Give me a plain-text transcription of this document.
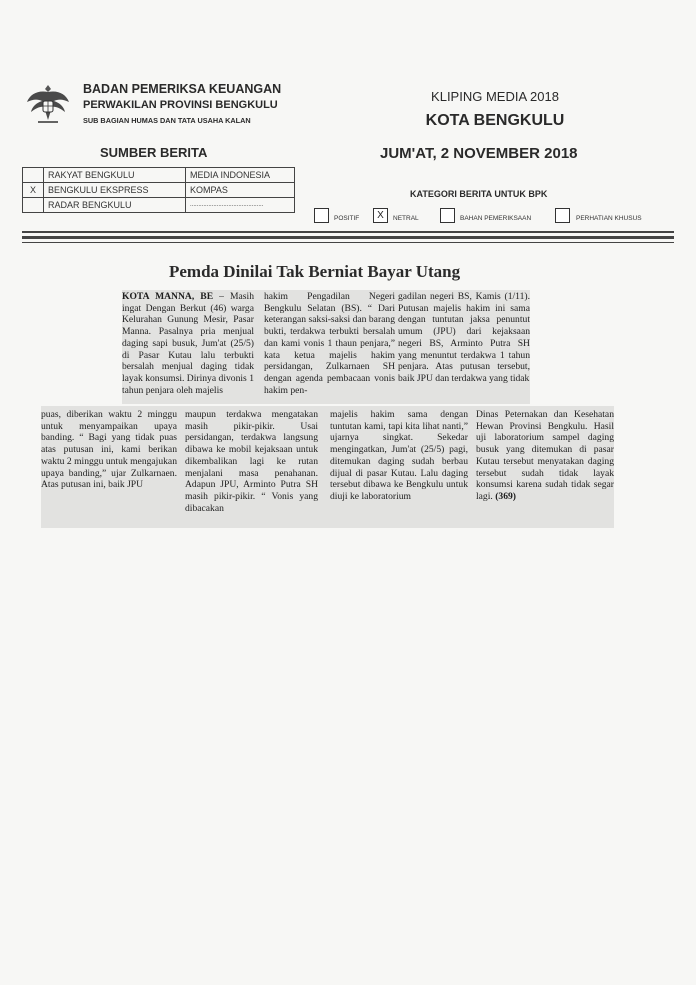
BADAN PEMERIKSA KEUANGAN
PERWAKILAN PROVINSI BENGKULU
SUB BAGIAN HUMAS DAN TATA USAHA KALAN
KLIPING MEDIA 2018
KOTA BENGKULU
SUMBER BERITA	JUM'AT, 2 NOVEMBER 2018
	RAKYAT BENGKULU	MEDIA INDONESIA
X	BENGKULU EKSPRESS	KOMPAS
	RADAR BENGKULU	............................................
KATEGORI BERITA UNTUK BPK
POSITIF	X	NETRAL	BAHAN PEMERIKSAAN	PERHATIAN KHUSUS
Pemda Dinilai Tak Berniat Bayar Utang

KOTA MANNA, BE – Masih ingat Dengan Berkut (46) warga Kelurahan Gunung Mesir, Pasar Manna. Pasalnya pria menjual daging sapi busuk, Jum'at (25/5) di Pasar Kutau lalu terbukti bersalah menjual daging tidak layak konsumsi. Dirinya divonis 1 tahun penjara oleh majelis

hakim Pengadilan Negeri Bengkulu Selatan (BS). “ Dari keterangan saksi-saksi dan barang bukti, terdakwa terbukti bersalah dan kami vonis 1 thaun penjara,” kata ketua majelis hakim persidangan, Zulkarnaen SH dengan agenda pembacaan vonis hakim pen-

gadilan negeri BS, Kamis (1/11). Putusan majelis hakim ini sama dengan tuntutan jaksa penuntut umum (JPU) dari kejaksaan negeri BS, Arminto Putra SH yang menuntut terdakwa 1 tahun penjara. Atas putusan tersebut, baik JPU dan terdakwa yang tidak

puas, diberikan waktu 2 minggu untuk menyampaikan upaya banding. “ Bagi yang tidak puas atas putusan ini, kami berikan waktu 2 minggu untuk mengajukan upaya banding,” ujar Zulkarnaen. Atas putusan ini, baik JPU

maupun terdakwa mengatakan masih pikir-pikir. Usai persidangan, terdakwa langsung dibawa ke mobil kejaksaan untuk dikembalikan lagi ke rutan menjalani masa penahanan. Adapun JPU, Arminto Putra SH masih pikir-pikir. “ Vonis yang dibacakan

majelis hakim sama dengan tuntutan kami, tapi kita lihat nanti,” ujarnya singkat. Sekedar mengingatkan, Jum'at (25/5) pagi, ditemukan daging sudah berbau dijual di pasar Kutau. Lalu daging tersebut dibawa ke Bengkulu untuk diuji ke laboratorium

Dinas Peternakan dan Kesehatan Hewan Provinsi Bengkulu. Hasil uji laboratorium sampel daging busuk yang ditemukan di pasar Kutau tersebut menyatakan daging tersebut sudah tidak layak konsumsi karena sudah tidak segar lagi. (369)
